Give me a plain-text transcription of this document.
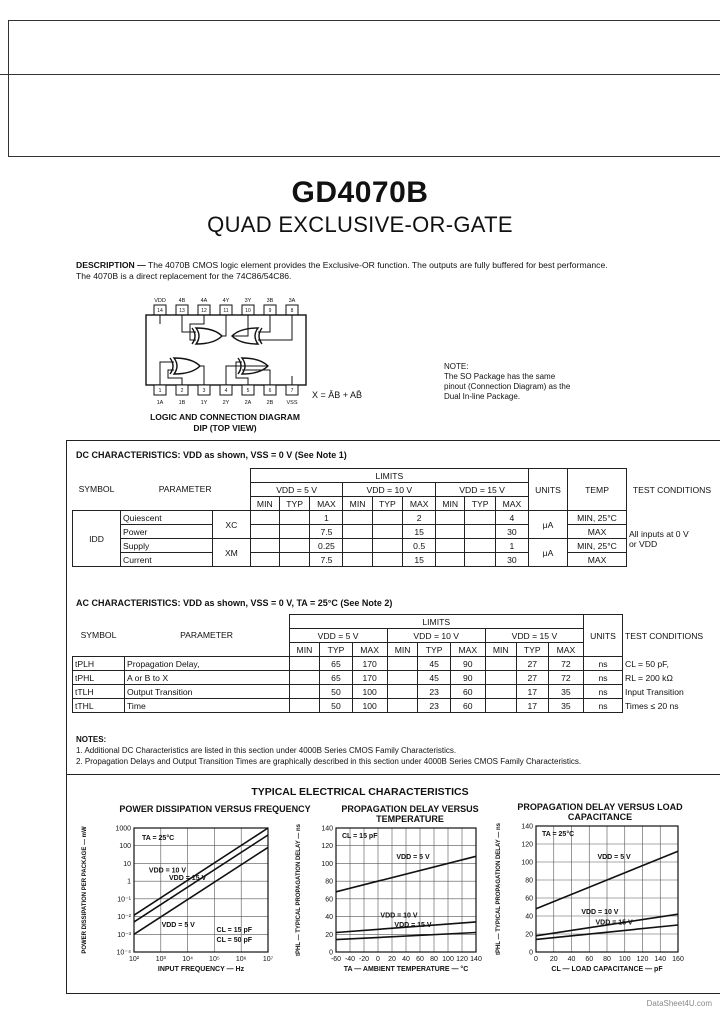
GD4070B
QUAD EXCLUSIVE-OR-GATE
DESCRIPTION — The 4070B CMOS logic element provides the Exclusive-OR function. The outputs are fully buffered for best performance.
The 4070B is a direct replacement for the 74C86/54C86.
VDD 4B	4A	4Y	3Y	3B	3A
14	13	12	11	10	9	8
1	2	3	4	5	6	7
1A	1B	1Y	2Y	2A	2B VSS
X = ĀB + AB̄
LOGIC AND CONNECTION DIAGRAM
DIP (TOP VIEW)
NOTE:
The SO Package has the same
pinout (Connection Diagram) as the
Dual In-line Package.
DC CHARACTERISTICS: VDD as shown, VSS = 0 V (See Note 1)
SYMBOL	PARAMETER		LIMITS									UNITS	TEMP	TEST CONDITIONS
			VDD = 5 V			VDD = 10 V			VDD = 15 V					
			MIN	TYP	MAX	MIN	TYP	MAX	MIN	TYP	MAX			
IDD	Quiescent	XC			1			2			4	μA	MIN, 25°C	All inputs at 0 V
or VDD

	Power				7.5			15			30		MAX	
	Supply	XM			0.25			0.5			1	μA	MIN, 25°C	
	Current				7.5			15			30		MAX	
AC CHARACTERISTICS: VDD as shown, VSS = 0 V, TA = 25°C (See Note 2)
SYMBOL	PARAMETER	LIMITS									UNITS	TEST CONDITIONS
		VDD = 5 V			VDD = 10 V			VDD = 15 V				
		MIN	TYP	MAX	MIN	TYP	MAX	MIN	TYP	MAX		
tPLH	Propagation Delay,		65	170		45	90		27	72	ns	CL = 50 pF,
tPHL	A or B to X		65	170		45	90		27	72	ns	RL = 200 kΩ
tTLH	Output Transition		50	100		23	60		17	35	ns	Input Transition
tTHL	Time		50	100		23	60		17	35	ns	Times ≤ 20 ns
NOTES:
1. Additional DC Characteristics are listed in this section under 4000B Series CMOS Family Characteristics.
2. Propagation Delays and Output Transition Times are graphically described in this section under 4000B Series CMOS Family Characteristics.
TYPICAL ELECTRICAL CHARACTERISTICS
POWER DISSIPATION VERSUS FREQUENCY	PROPAGATION DELAY VERSUS TEMPERATURE
PROPAGATION DELAY VERSUS LOAD CAPACITANCE
10² 10³ 10⁴ 10⁵ 10⁶ 10⁷
1000
100
10
1
10⁻¹
10⁻²
10⁻³
10⁻⁴
VDD = 15 V
VDD = 10 V
VDD = 5 V
TA = 25°C
CL = 15 pF
CL = 50 pF
INPUT FREQUENCY — Hz
POWER DISSIPATION PER PACKAGE — mW
-60 -40 -20 0 20 40 60 80 100 120 140
140
120
100
80
60
40
20
0
VDD = 5 V
VDD = 10 V
VDD = 15 V
CL = 15 pF
TA — AMBIENT TEMPERATURE — °C
tPHL — TYPICAL PROPAGATION DELAY — ns
0 20 40 60 80 100 120 140 160
140
120
100
80
60
40
20
0
VDD = 5 V
VDD = 10 V
VDD = 15 V
TA = 25°C
CL — LOAD CAPACITANCE — pF
tPHL — TYPICAL PROPAGATION DELAY — ns
DataSheet4U.com
